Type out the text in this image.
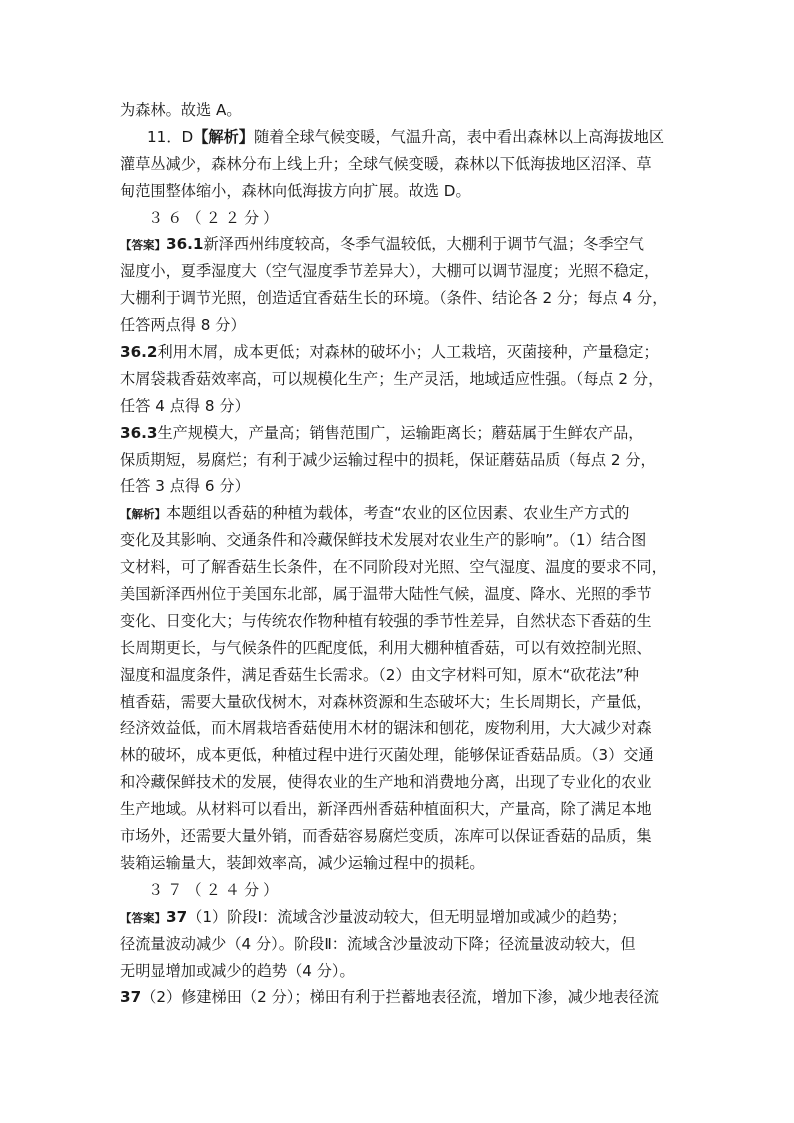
为森林。故选 A。
11．D【解析】随着全球气候变暖，气温升高，表中看出森林以上高海拔地区
灌草丛减少，森林分布上线上升；全球气候变暖，森林以下低海拔地区沼泽、草
甸范围整体缩小，森林向低海拔方向扩展。故选 D。
３６（２２分）
【答案】36.1新泽西州纬度较高，冬季气温较低，大棚利于调节气温；冬季空气
湿度小，夏季湿度大（空气湿度季节差异大），大棚可以调节湿度；光照不稳定，
大棚利于调节光照，创造适宜香菇生长的环境。（条件、结论各 2 分；每点 4 分，
任答两点得 8 分）
36.2利用木屑，成本更低；对森林的破坏小；人工栽培，灭菌接种，产量稳定；
木屑袋栽香菇效率高，可以规模化生产；生产灵活，地域适应性强。（每点 2 分，
任答 4 点得 8 分）
36.3生产规模大，产量高；销售范围广，运输距离长；蘑菇属于生鲜农产品，
保质期短，易腐烂；有利于减少运输过程中的损耗，保证蘑菇品质（每点 2 分，
任答 3 点得 6 分）
【解析】本题组以香菇的种植为载体，考查“农业的区位因素、农业生产方式的
变化及其影响、交通条件和冷藏保鲜技术发展对农业生产的影响”。（1）结合图
文材料，可了解香菇生长条件，在不同阶段对光照、空气湿度、温度的要求不同，
美国新泽西州位于美国东北部，属于温带大陆性气候，温度、降水、光照的季节
变化、日变化大；与传统农作物种植有较强的季节性差异，自然状态下香菇的生
长周期更长，与气候条件的匹配度低，利用大棚种植香菇，可以有效控制光照、
湿度和温度条件，满足香菇生长需求。（2）由文字材料可知，原木“砍花法”种
植香菇，需要大量砍伐树木，对森林资源和生态破坏大；生长周期长，产量低，
经济效益低，而木屑栽培香菇使用木材的锯沫和刨花，废物利用，大大减少对森
林的破坏，成本更低，种植过程中进行灭菌处理，能够保证香菇品质。（3）交通
和冷藏保鲜技术的发展，使得农业的生产地和消费地分离，出现了专业化的农业
生产地域。从材料可以看出，新泽西州香菇种植面积大，产量高，除了满足本地
市场外，还需要大量外销，而香菇容易腐烂变质，冻库可以保证香菇的品质，集
装箱运输量大，装卸效率高，减少运输过程中的损耗。
３７（２４分）
【答案】37（1）阶段Ⅰ：流域含沙量波动较大，但无明显增加或减少的趋势；
径流量波动减少（4 分）。阶段Ⅱ：流域含沙量波动下降；径流量波动较大，但
无明显增加或减少的趋势（4 分）。
37（2）修建梯田（2 分）；梯田有利于拦蓄地表径流，增加下渗，减少地表径流
